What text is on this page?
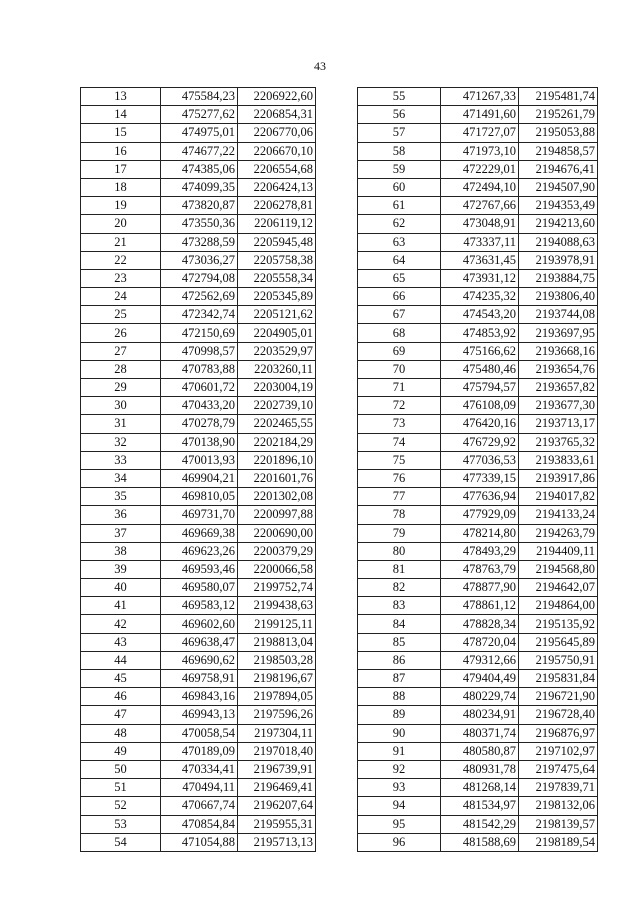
43
13	475584,23	2206922,60
14	475277,62	2206854,31
15	474975,01	2206770,06
16	474677,22	2206670,10
17	474385,06	2206554,68
18	474099,35	2206424,13
19	473820,87	2206278,81
20	473550,36	2206119,12
21	473288,59	2205945,48
22	473036,27	2205758,38
23	472794,08	2205558,34
24	472562,69	2205345,89
25	472342,74	2205121,62
26	472150,69	2204905,01
27	470998,57	2203529,97
28	470783,88	2203260,11
29	470601,72	2203004,19
30	470433,20	2202739,10
31	470278,79	2202465,55
32	470138,90	2202184,29
33	470013,93	2201896,10
34	469904,21	2201601,76
35	469810,05	2201302,08
36	469731,70	2200997,88
37	469669,38	2200690,00
38	469623,26	2200379,29
39	469593,46	2200066,58
40	469580,07	2199752,74
41	469583,12	2199438,63
42	469602,60	2199125,11
43	469638,47	2198813,04
44	469690,62	2198503,28
45	469758,91	2198196,67
46	469843,16	2197894,05
47	469943,13	2197596,26
48	470058,54	2197304,11
49	470189,09	2197018,40
50	470334,41	2196739,91
51	470494,11	2196469,41
52	470667,74	2196207,64
53	470854,84	2195955,31
54	471054,88	2195713,13
55	471267,33	2195481,74
56	471491,60	2195261,79
57	471727,07	2195053,88
58	471973,10	2194858,57
59	472229,01	2194676,41
60	472494,10	2194507,90
61	472767,66	2194353,49
62	473048,91	2194213,60
63	473337,11	2194088,63
64	473631,45	2193978,91
65	473931,12	2193884,75
66	474235,32	2193806,40
67	474543,20	2193744,08
68	474853,92	2193697,95
69	475166,62	2193668,16
70	475480,46	2193654,76
71	475794,57	2193657,82
72	476108,09	2193677,30
73	476420,16	2193713,17
74	476729,92	2193765,32
75	477036,53	2193833,61
76	477339,15	2193917,86
77	477636,94	2194017,82
78	477929,09	2194133,24
79	478214,80	2194263,79
80	478493,29	2194409,11
81	478763,79	2194568,80
82	478877,90	2194642,07
83	478861,12	2194864,00
84	478828,34	2195135,92
85	478720,04	2195645,89
86	479312,66	2195750,91
87	479404,49	2195831,84
88	480229,74	2196721,90
89	480234,91	2196728,40
90	480371,74	2196876,97
91	480580,87	2197102,97
92	480931,78	2197475,64
93	481268,14	2197839,71
94	481534,97	2198132,06
95	481542,29	2198139,57
96	481588,69	2198189,54
